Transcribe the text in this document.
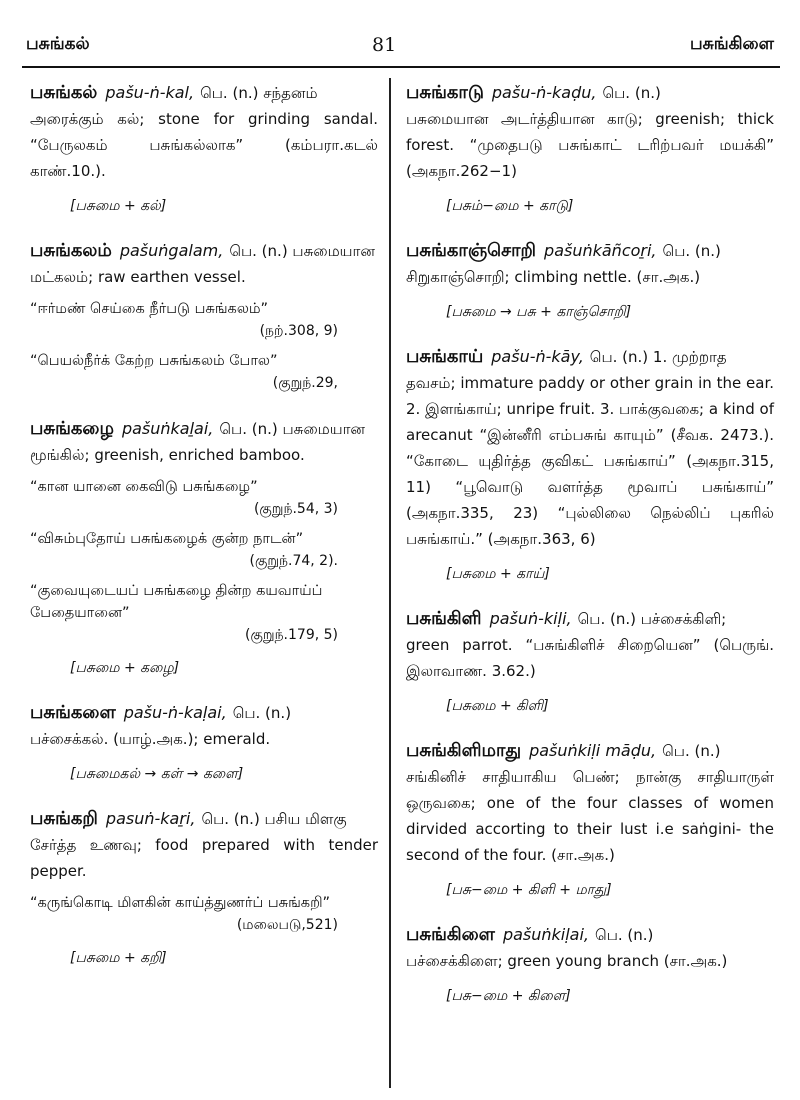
பசுங்கல்	81	பசுங்கிளை
பசுங்கல் pašu-ṅ-kal, பெ. (n.) சந்தனம்
அரைக்கும் கல்; stone for grinding sandal. “பேருலகம் பசுங்கல்லாக” (கம்பரா.கடல் காண்.10.).
[பசுமை + கல்]
பசுங்கலம் pašuṅgalam, பெ. (n.) பசுமையான
மட்கலம்; raw earthen vessel.
“ஈர்மண் செய்கை நீர்படு பசுங்கலம்”
(நற்.308, 9)
“பெயல்நீர்க் கேற்ற பசுங்கலம் போல”
(குறுந்.29,
பசுங்கழை pašuṅkaḻai, பெ. (n.) பசுமையான
மூங்கில்; greenish, enriched bamboo.
“கான யானை கைவிடு பசுங்கழை”
(குறுந்.54, 3)
“விசும்புதோய் பசுங்கழைக் குன்ற நாடன்”
(குறுந்.74, 2).
“குவையுடையப் பசுங்கழை தின்ற கயவாய்ப் பேதையானை”
(குறுந்.179, 5)
[பசுமை + கழை]
பசுங்களை pašu-ṅ-kaḷai, பெ. (n.)
பச்சைக்கல். (யாழ்.அக.); emerald.
[பசுமைகல் → கள் → களை]
பசுங்கறி pasuṅ-kaṟi, பெ. (n.) பசிய மிளகு
சேர்த்த உணவு; food prepared with tender pepper.
“கருங்கொடி மிளகின் காய்த்துணர்ப் பசுங்கறி”
(மலைபடு,521)
[பசுமை + கறி]
பசுங்காடு pašu-ṅ-kaḍu, பெ. (n.)
பசுமையான அடர்த்தியான காடு; greenish; thick forest. “முதைபடு பசுங்காட் டரிற்பவர் மயக்கி” (அகநா.262−1)
[பசும்−மை + காடு]
பசுங்காஞ்சொறி pašuṅkāñcoṟi, பெ. (n.)
சிறுகாஞ்சொறி; climbing nettle. (சா.அக.)
[பசுமை → பசு + காஞ்சொறி]
பசுங்காய் pašu-ṅ-kāy, பெ. (n.) 1. முற்றாத
தவசம்; immature paddy or other grain in the ear. 2. இளங்காய்; unripe fruit. 3. பாக்குவகை; a kind of arecanut “இன்னீரி எம்பசுங் காயும்” (சீவக. 2473.). “கோடை யுதிர்த்த குவிகட் பசுங்காய்” (அகநா.315, 11) “பூவொடு வளர்த்த மூவாப் பசுங்காய்” (அகநா.335, 23) “புல்லிலை நெல்லிப் புகரில் பசுங்காய்.” (அகநா.363, 6)
[பசுமை + காய்]
பசுங்கிளி pašuṅ-kiḷi, பெ. (n.) பச்சைக்கிளி;
green parrot. “பசுங்கிளிச் சிறையென” (பெருங். இலாவாண. 3.62.)
[பசுமை + கிளி]
பசுங்கிளிமாது pašuṅkiḷi māḍu, பெ. (n.)
சங்கினிச் சாதியாகிய பெண்; நான்கு சாதியாருள் ஒருவகை; one of the four classes of women dirvided accorting to their lust i.e saṅgini- the second of the four. (சா.அக.)
[பசு−மை + கிளி + மாது]
பசுங்கிளை pašuṅkiḷai, பெ. (n.)
பச்சைக்கிளை; green young branch (சா.அக.)
[பசு−மை + கிளை]
